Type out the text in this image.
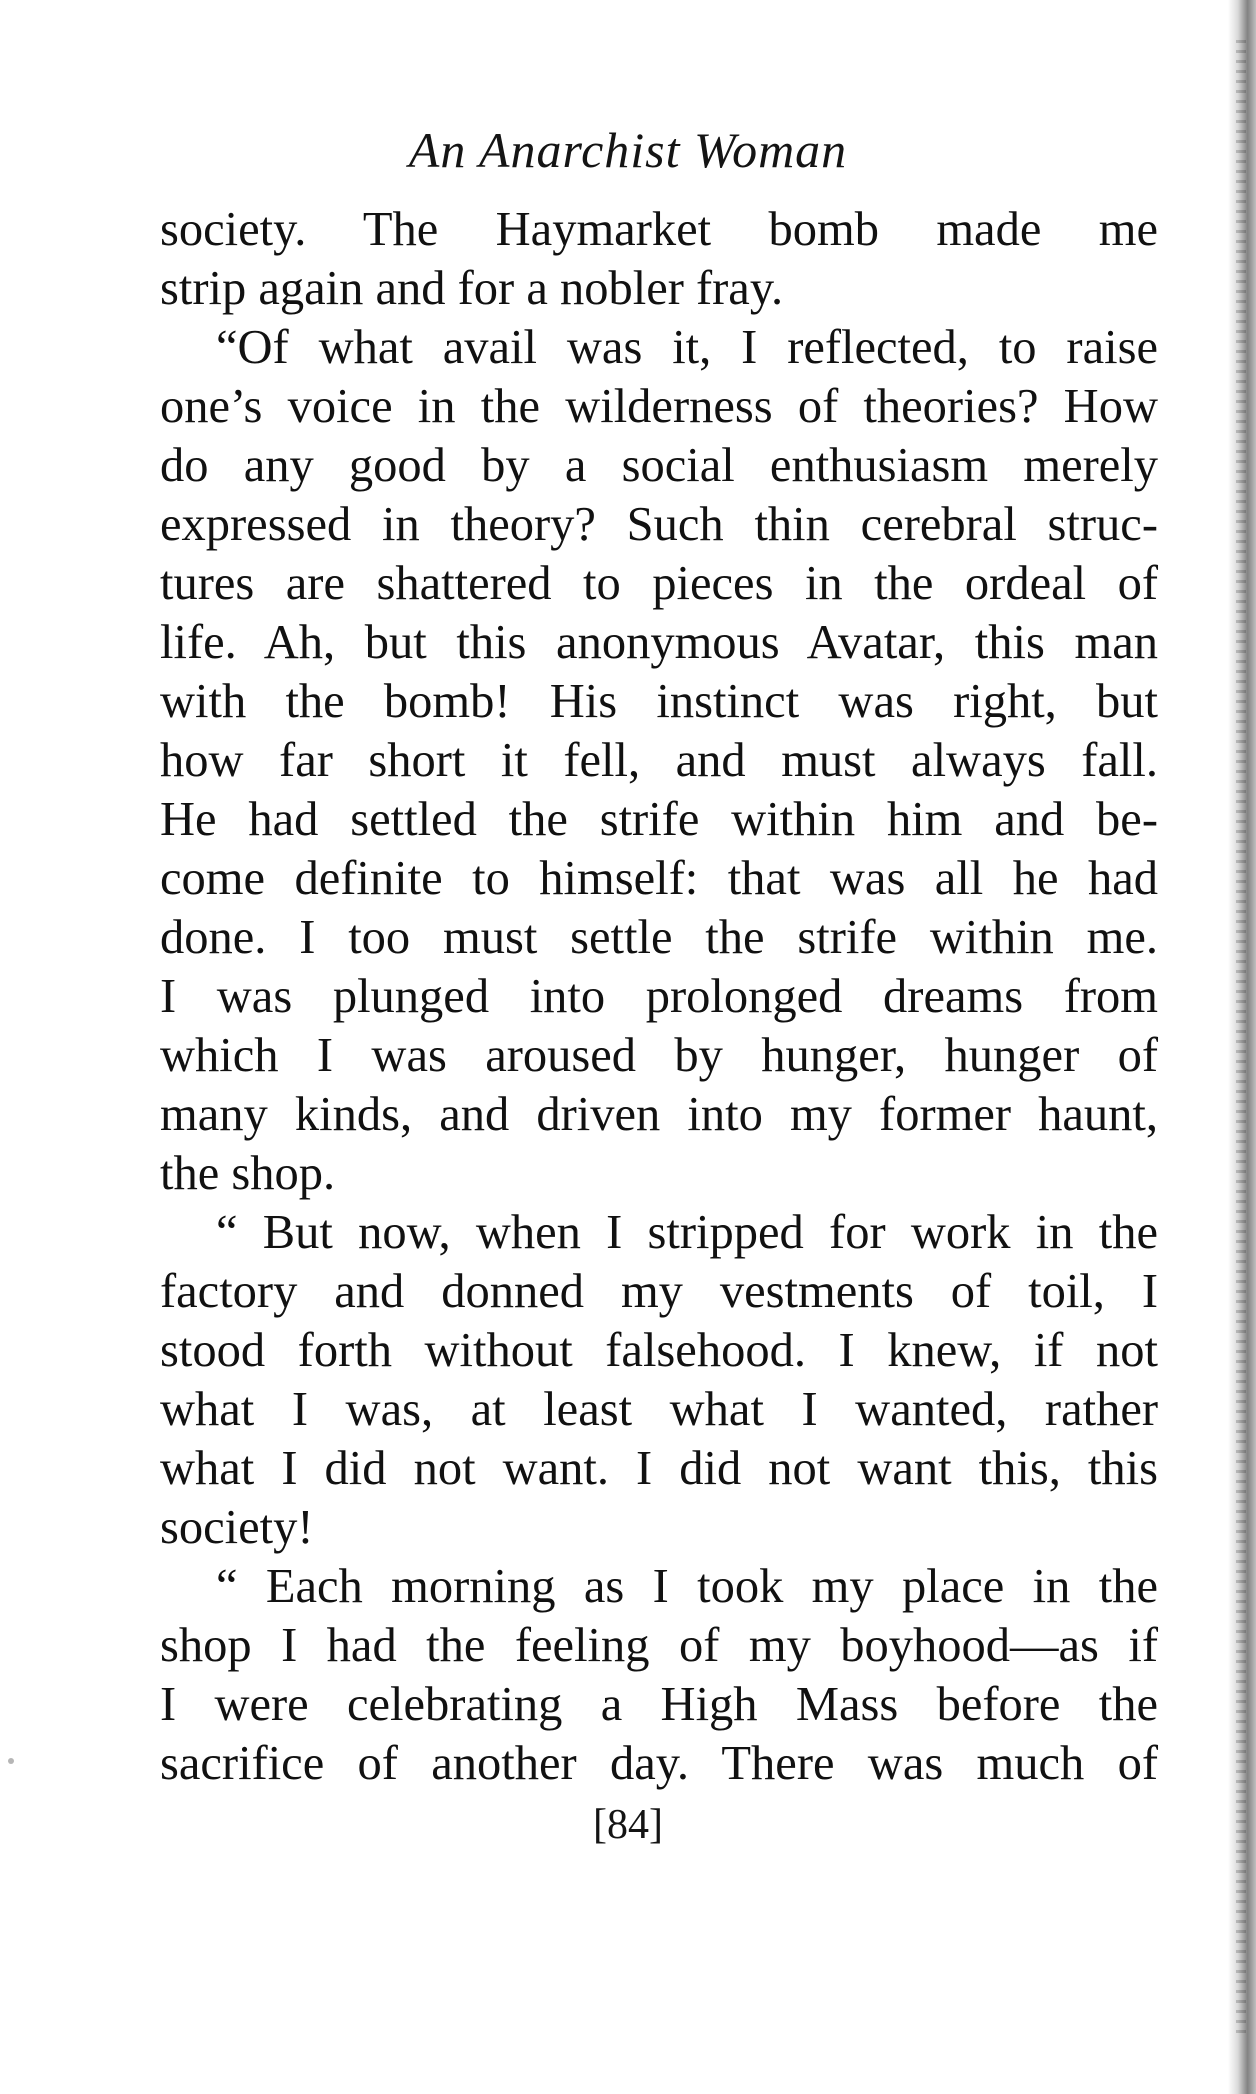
An Anarchist Woman
society. The Haymarket bomb made me
strip again and for a nobler fray.
“Of what avail was it, I reflected, to raise
one’s voice in the wilderness of theories? How
do any good by a social enthusiasm merely
expressed in theory? Such thin cerebral struc-
tures are shattered to pieces in the ordeal of
life. Ah, but this anonymous Avatar, this man
with the bomb! His instinct was right, but
how far short it fell, and must always fall.
He had settled the strife within him and be-
come definite to himself: that was all he had
done. I too must settle the strife within me.
I was plunged into prolonged dreams from
which I was aroused by hunger, hunger of
many kinds, and driven into my former haunt,
the shop.
“ But now, when I stripped for work in the
factory and donned my vestments of toil, I
stood forth without falsehood. I knew, if not
what I was, at least what I wanted, rather
what I did not want. I did not want this, this
society!
“ Each morning as I took my place in the
shop I had the feeling of my boyhood—as if
I were celebrating a High Mass before the
sacrifice of another day. There was much of
[84]
